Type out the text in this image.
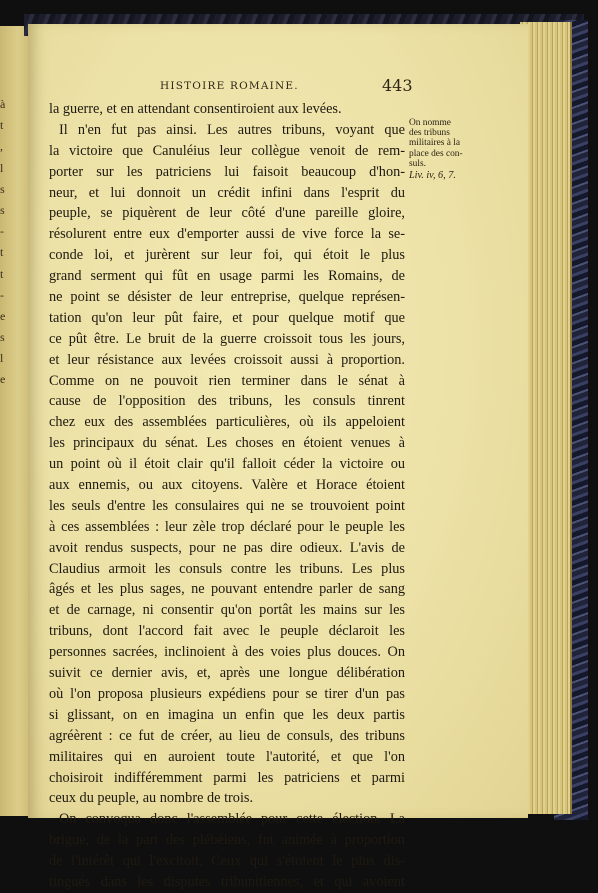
à
t
,
l
s
s
-
t
t
-
e
s
l
e
HISTOIRE ROMAINE.	443
la guerre, et en attendant consentiroient aux levées.
Il n'en fut pas ainsi. Les autres tribuns, voyant que
la victoire que Canuléius leur collègue venoit de rem-
porter sur les patriciens lui faisoit beaucoup d'hon-
neur, et lui donnoit un crédit infini dans l'esprit du
peuple, se piquèrent de leur côté d'une pareille gloire,
résolurent entre eux d'emporter aussi de vive force la se-
conde loi, et jurèrent sur leur foi, qui étoit le plus
grand serment qui fût en usage parmi les Romains, de
ne point se désister de leur entreprise, quelque représen-
tation qu'on leur pût faire, et pour quelque motif que
ce pût être. Le bruit de la guerre croissoit tous les jours,
et leur résistance aux levées croissoit aussi à proportion.
Comme on ne pouvoit rien terminer dans le sénat à
cause de l'opposition des tribuns, les consuls tinrent
chez eux des assemblées particulières, où ils appeloient
les principaux du sénat. Les choses en étoient venues à
un point où il étoit clair qu'il falloit céder la victoire ou
aux ennemis, ou aux citoyens. Valère et Horace étoient
les seuls d'entre les consulaires qui ne se trouvoient point
à ces assemblées : leur zèle trop déclaré pour le peuple les
avoit rendus suspects, pour ne pas dire odieux. L'avis de
Claudius armoit les consuls contre les tribuns. Les plus
âgés et les plus sages, ne pouvant entendre parler de sang
et de carnage, ni consentir qu'on portât les mains sur les
tribuns, dont l'accord fait avec le peuple déclaroit les
personnes sacrées, inclinoient à des voies plus douces. On
suivit ce dernier avis, et, après une longue délibération
où l'on proposa plusieurs expédiens pour se tirer d'un pas
si glissant, on en imagina un enfin que les deux partis
agréèrent : ce fut de créer, au lieu de consuls, des tribuns
militaires qui en auroient toute l'autorité, et que l'on
choisiroit indifféremment parmi les patriciens et parmi
ceux du peuple, au nombre de trois.
On convoqua donc l'assemblée pour cette élection. La
brigue, de la part des plébéiens, fut animée à proportion
de l'intérêt qui l'excitoit. Ceux qui s'étoient le plus dis-
tingués dans les disputes tribunitiennes, et qui avoient
On nomme
des tribuns
militaires à la
place des con-
suls.
Liv. iv, 6, 7.
